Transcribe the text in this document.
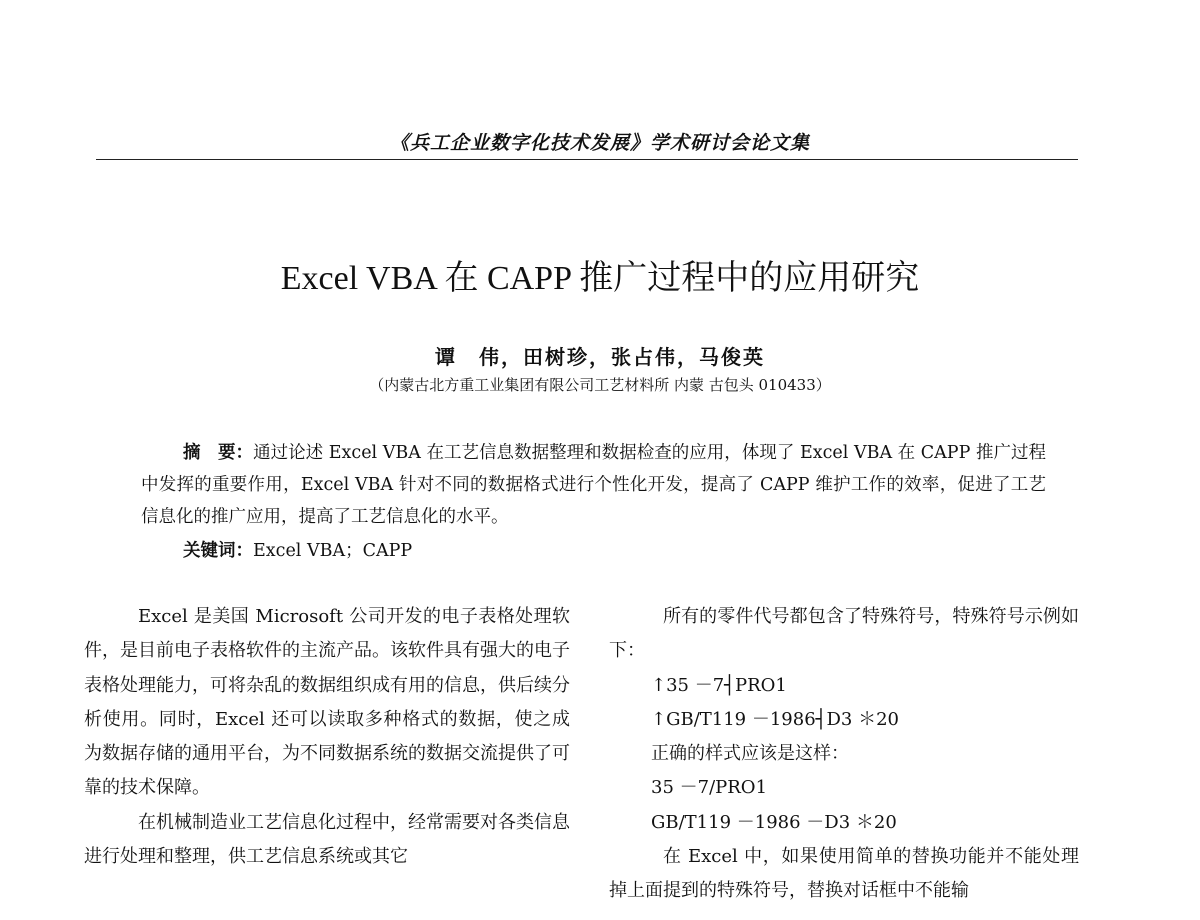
《兵工企业数字化技术发展》学术研讨会论文集
Excel VBA 在 CAPP 推广过程中的应用研究
谭　伟，田树珍，张占伟，马俊英
（内蒙古北方重工业集团有限公司工艺材料所 内蒙 古包头 010433）

摘　要：通过论述 Excel VBA 在工艺信息数据整理和数据检查的应用，体现了 Excel VBA 在 CAPP 推广过程中发挥的重要作用，Excel VBA 针对不同的数据格式进行个性化开发，提高了 CAPP 维护工作的效率，促进了工艺信息化的推广应用，提高了工艺信息化的水平。

关键词：Excel VBA；CAPP

Excel 是美国 Microsoft 公司开发的电子表格处理软件，是目前电子表格软件的主流产品。该软件具有强大的电子表格处理能力，可将杂乱的数据组织成有用的信息，供后续分析使用。同时，Excel 还可以读取多种格式的数据，使之成为数据存储的通用平台，为不同数据系统的数据交流提供了可靠的技术保障。

在机械制造业工艺信息化过程中，经常需要对各类信息进行处理和整理，供工艺信息系统或其它

所有的零件代号都包含了特殊符号，特殊符号示例如下：

↑35 －7┤PRO1

↑GB/T119 －1986┤D3 ＊20

正确的样式应该是这样：

35 －7/PRO1

GB/T119 －1986 －D3 ＊20

在 Excel 中，如果使用简单的替换功能并不能处理掉上面提到的特殊符号，替换对话框中不能输
